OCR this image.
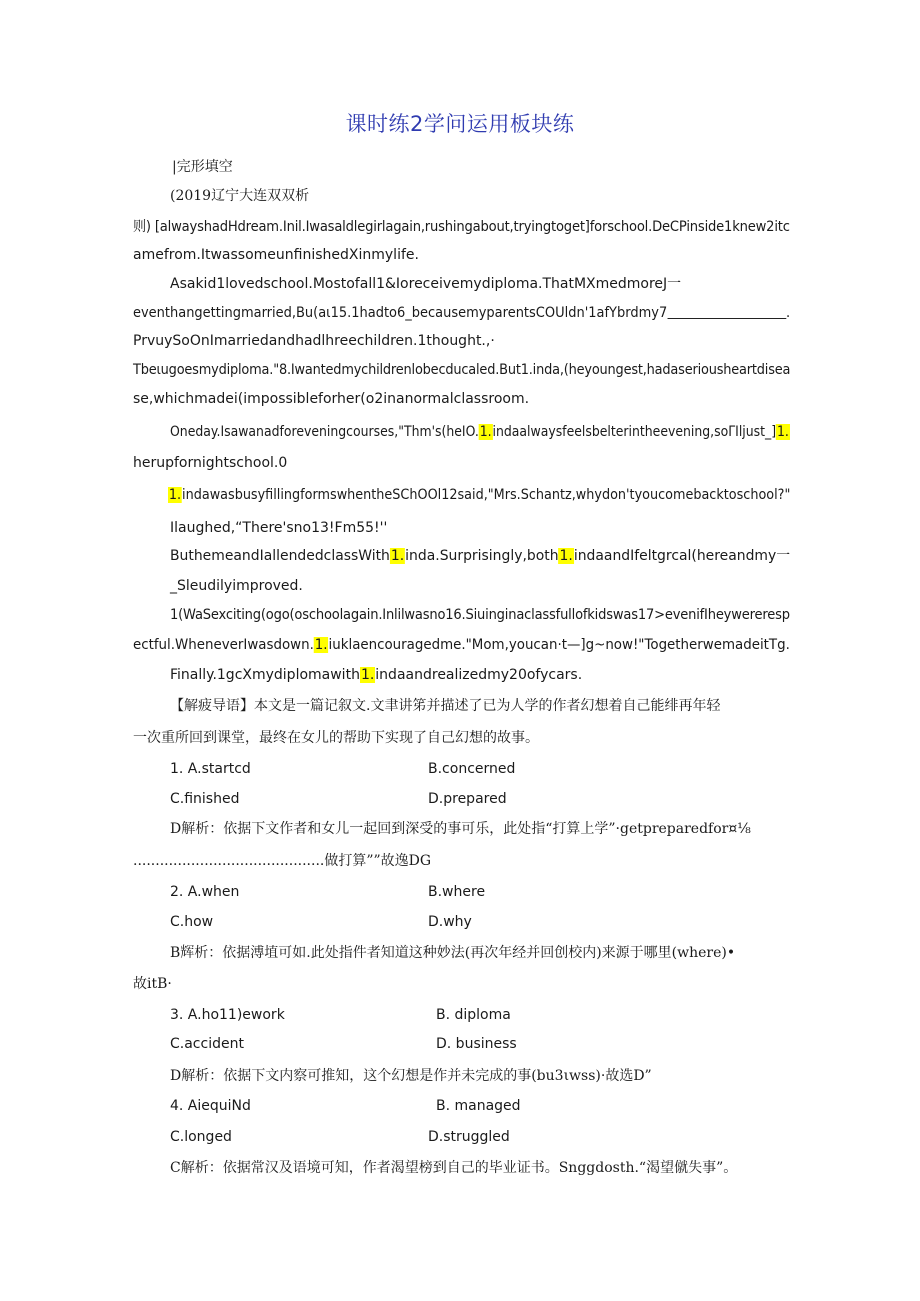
课时练2学问运用板块练
|完形填空
(2019辽宁大连双双析
则) [alwayshadHdream.Inil.Iwasaldlegirlagain,rushingabout,tryingtoget]forschool.DeCPinside1knew2itc
amefrom.ItwassomeunfinishedXinmylife.
Asakid1lovedschool.Mostofall1&Ioreceivemydiploma.ThatMXmedmoreJ一
eventhangettingmarried,Bu(aι15.1hadto6_becausemyparentsCOUldn'1afYbrdmy7	.
PrvuySoOnImarriedandhadlhreechildren.1thought.,·
Tbeιugoesmydiploma."8.Iwantedmychildrenlobecducaled.But1.inda,(heyoungest,hadaseriousheartdisea
se,whichmadei(impossibleforher(o2inanormalclassroom.
Oneday.Isawanadforeveningcourses,"Thm's(heIO.1.indaalwaysfeelsbelterintheevening,soΓIljust_]1.
herupfornightschool.0
1.indawasbusyfillingformswhentheSChOOl12said,"Mrs.Schantz,whydon'tyoucomebacktoschool?"
Ilaughed,“There'sno13!Fm55!''
ButhemeandIallendedclassWith1.inda.Surprisingly,both1.indaandIfeltgrcal(hereandmy一
_Sleudilyimproved.
1(WaSexciting(ogo(oschoolagain.Inlilwasno16.Siuinginaclassfullofkidswas17>evenifIheywereresp
ectful.WheneverIwasdown.1.iuklaencouragedme."Mom,youcan·t—]g~now!"TogetherwemadeitTg.
Finally.1gcXmydiplomawith1.indaandrealizedmy20ofycars.
【解疲导语】本文是一篇记叙文.文聿讲笫并描述了已为人学的作者幻想着自己能绯再年轻
一次重所回到课堂，最终在女儿的帮助下实现了自己幻想的故事。
1. A.startcd	B.concerned
C.finished	D.prepared
D解析：依据下文作者和女儿一起回到深受的事可乐，此处指“打算上学”·getpreparedfor¤⅛
...........................................做打算””故逸DG
2. A.when	B.where
C.how	D.why
B辉析：依据溥埴可如.此处指件者知道这种妙法(再次年经并回创校内)来源于哪里(where)•
故itB·
3. A.ho11)ework	B. diploma
C.accident	D. business
D解析：依据下文内察可推知，这个幻想是作并未完成的事(bu3ιwss)·故选D”
4. AiequiNd	B. managed
C.longed	D.struggled
C解析：依据常汉及语境可知，作者渴望榜到自己的毕业证书。Snggdosth.“渴望僦失事”。
